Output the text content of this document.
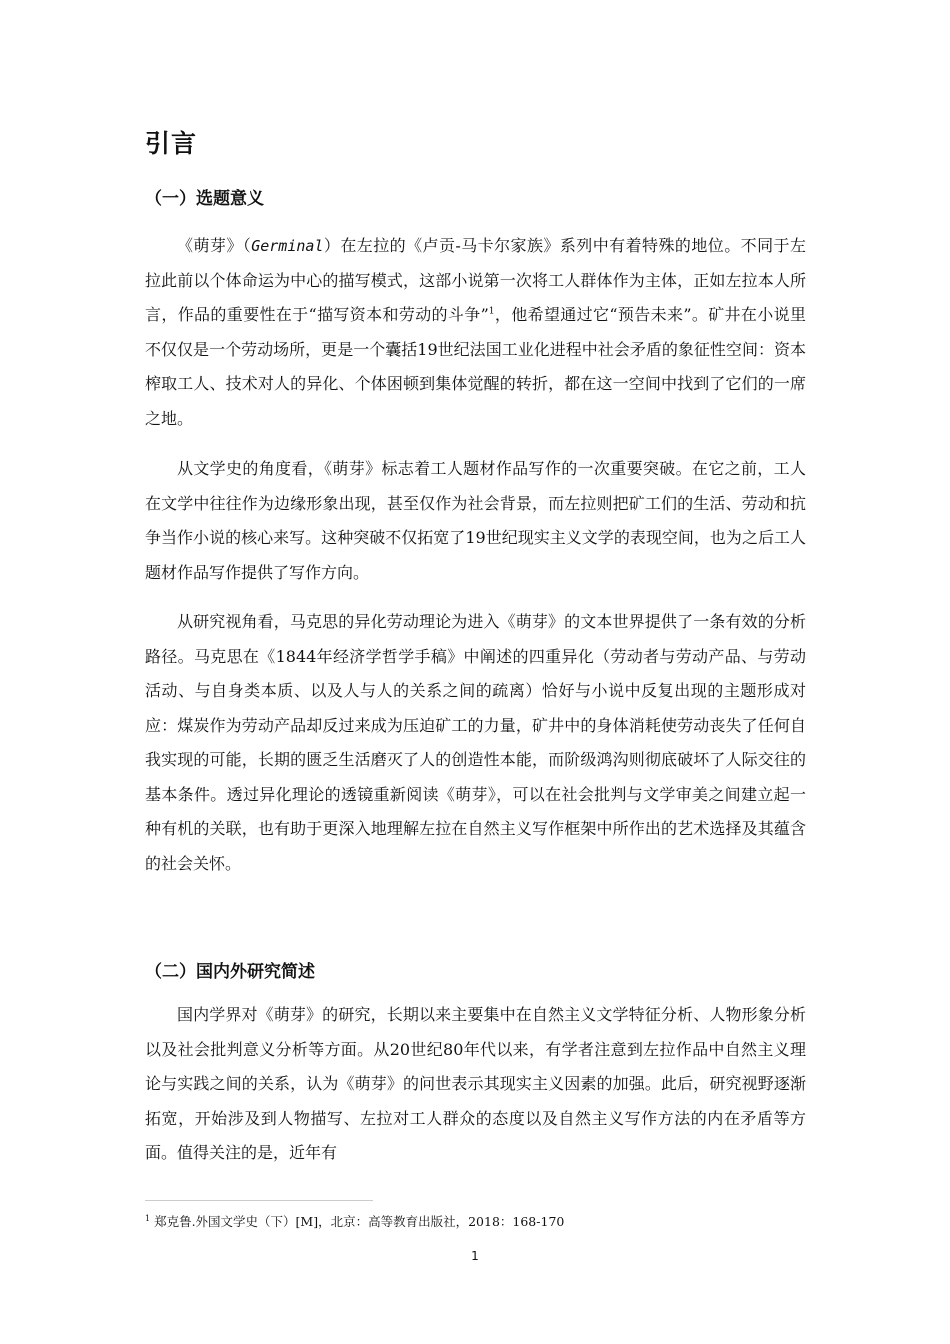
引言
（一）选题意义

《萌芽》（Germinal）在左拉的《卢贡-马卡尔家族》系列中有着特殊的地位。不同于左拉此前以个体命运为中心的描写模式，这部小说第一次将工人群体作为主体，正如左拉本人所言，作品的重要性在于“描写资本和劳动的斗争”$^1$，他希望通过它“预告未来”。矿井在小说里不仅仅是一个劳动场所，更是一个囊括19世纪法国工业化进程中社会矛盾的象征性空间：资本榨取工人、技术对人的异化、个体困顿到集体觉醒的转折，都在这一空间中找到了它们的一席之地。

从文学史的角度看，《萌芽》标志着工人题材作品写作的一次重要突破。在它之前，工人在文学中往往作为边缘形象出现，甚至仅作为社会背景，而左拉则把矿工们的生活、劳动和抗争当作小说的核心来写。这种突破不仅拓宽了19世纪现实主义文学的表现空间，也为之后工人题材作品写作提供了写作方向。

从研究视角看，马克思的异化劳动理论为进入《萌芽》的文本世界提供了一条有效的分析路径。马克思在《1844年经济学哲学手稿》中阐述的四重异化（劳动者与劳动产品、与劳动活动、与自身类本质、以及人与人的关系之间的疏离）恰好与小说中反复出现的主题形成对应：煤炭作为劳动产品却反过来成为压迫矿工的力量，矿井中的身体消耗使劳动丧失了任何自我实现的可能，长期的匮乏生活磨灭了人的创造性本能，而阶级鸿沟则彻底破坏了人际交往的基本条件。透过异化理论的透镜重新阅读《萌芽》，可以在社会批判与文学审美之间建立起一种有机的关联，也有助于更深入地理解左拉在自然主义写作框架中所作出的艺术选择及其蕴含的社会关怀。

（二）国内外研究简述

国内学界对《萌芽》的研究，长期以来主要集中在自然主义文学特征分析、人物形象分析以及社会批判意义分析等方面。从20世纪80年代以来，有学者注意到左拉作品中自然主义理论与实践之间的关系，认为《萌芽》的问世表示其现实主义因素的加强。此后，研究视野逐渐拓宽，开始涉及到人物描写、左拉对工人群众的态度以及自然主义写作方法的内在矛盾等方面。值得关注的是，近年有

$^1$ 郑克鲁.外国文学史（下）[M]，北京：高等教育出版社，2018：168-170
1
